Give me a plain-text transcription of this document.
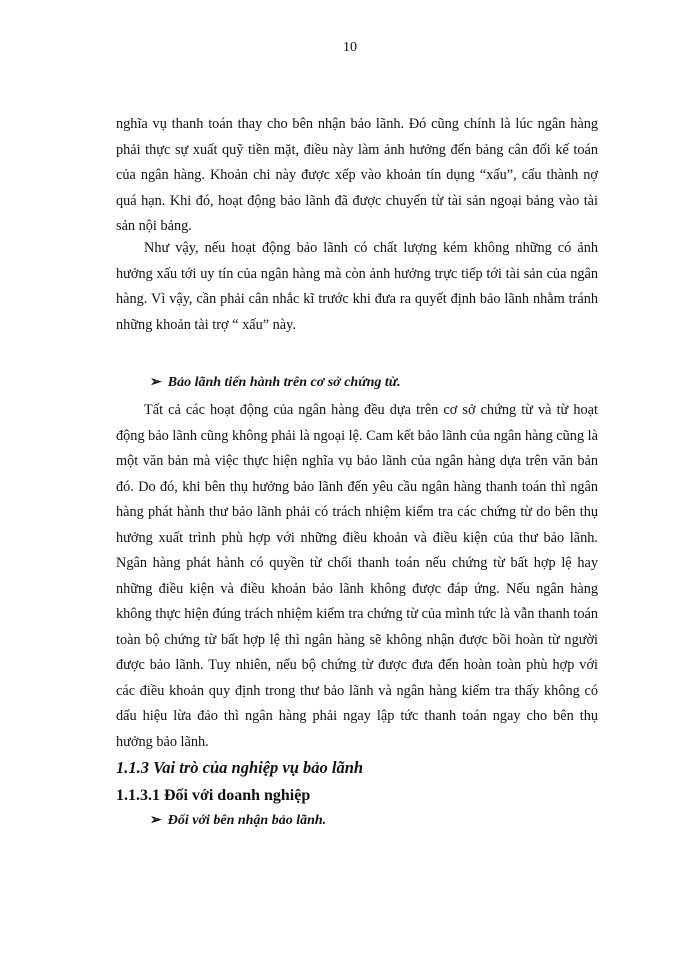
10

nghĩa vụ thanh toán thay cho bên nhận bảo lãnh. Đó cũng chính là lúc ngân hàng phải thực sự xuất quỹ tiền mặt, điều này làm ảnh hưởng đến bảng cân đối kế toán của ngân hàng. Khoản chi này được xếp vào khoản tín dụng “xấu”, cấu thành nợ quá hạn. Khi đó, hoạt động bảo lãnh đã được chuyển từ tài sản ngoại bảng vào tài sản nội bảng.

Như vậy, nếu hoạt động bảo lãnh có chất lượng kém không những có ảnh hưởng xấu tới uy tín của ngân hàng mà còn ảnh hưởng trực tiếp tới tài sản của ngân hàng. Vì vậy, cần phải cân nhắc kĩ trước khi đưa ra quyết định bảo lãnh nhằm tránh những khoản tài trợ “ xấu” này.

➢ Bảo lãnh tiến hành trên cơ sở chứng từ.

Tất cả các hoạt động của ngân hàng đều dựa trên cơ sở chứng từ và từ hoạt động bảo lãnh cũng không phải là ngoại lệ. Cam kết bảo lãnh của ngân hàng cũng là một văn bản mà việc thực hiện nghĩa vụ bảo lãnh của ngân hàng dựa trên văn bản đó. Do đó, khi bên thụ hưởng bảo lãnh đến yêu cầu ngân hàng thanh toán thì ngân hàng phát hành thư bảo lãnh phải có trách nhiệm kiểm tra các chứng từ do bên thụ hưởng xuất trình phù hợp với những điều khoản và điều kiện của thư bảo lãnh. Ngân hàng phát hành có quyền từ chối thanh toán nếu chứng từ bất hợp lệ hay những điều kiện và điều khoản bảo lãnh không được đáp ứng. Nếu ngân hàng không thực hiện đúng trách nhiệm kiểm tra chứng từ của mình tức là vẫn thanh toán toàn bộ chứng từ bất hợp lệ thì ngân hàng sẽ không nhận được bồi hoàn từ người được bảo lãnh. Tuy nhiên, nếu bộ chứng từ được đưa đến hoàn toàn phù hợp với các điều khoản quy định trong thư bảo lãnh và ngân hàng kiểm tra thấy không có dấu hiệu lừa đảo thì ngân hàng phải ngay lập tức thanh toán ngay cho bên thụ hưởng bảo lãnh.

1.1.3 Vai trò của nghiệp vụ bảo lãnh
1.1.3.1 Đối với doanh nghiệp
➢ Đối với bên nhận bảo lãnh.
